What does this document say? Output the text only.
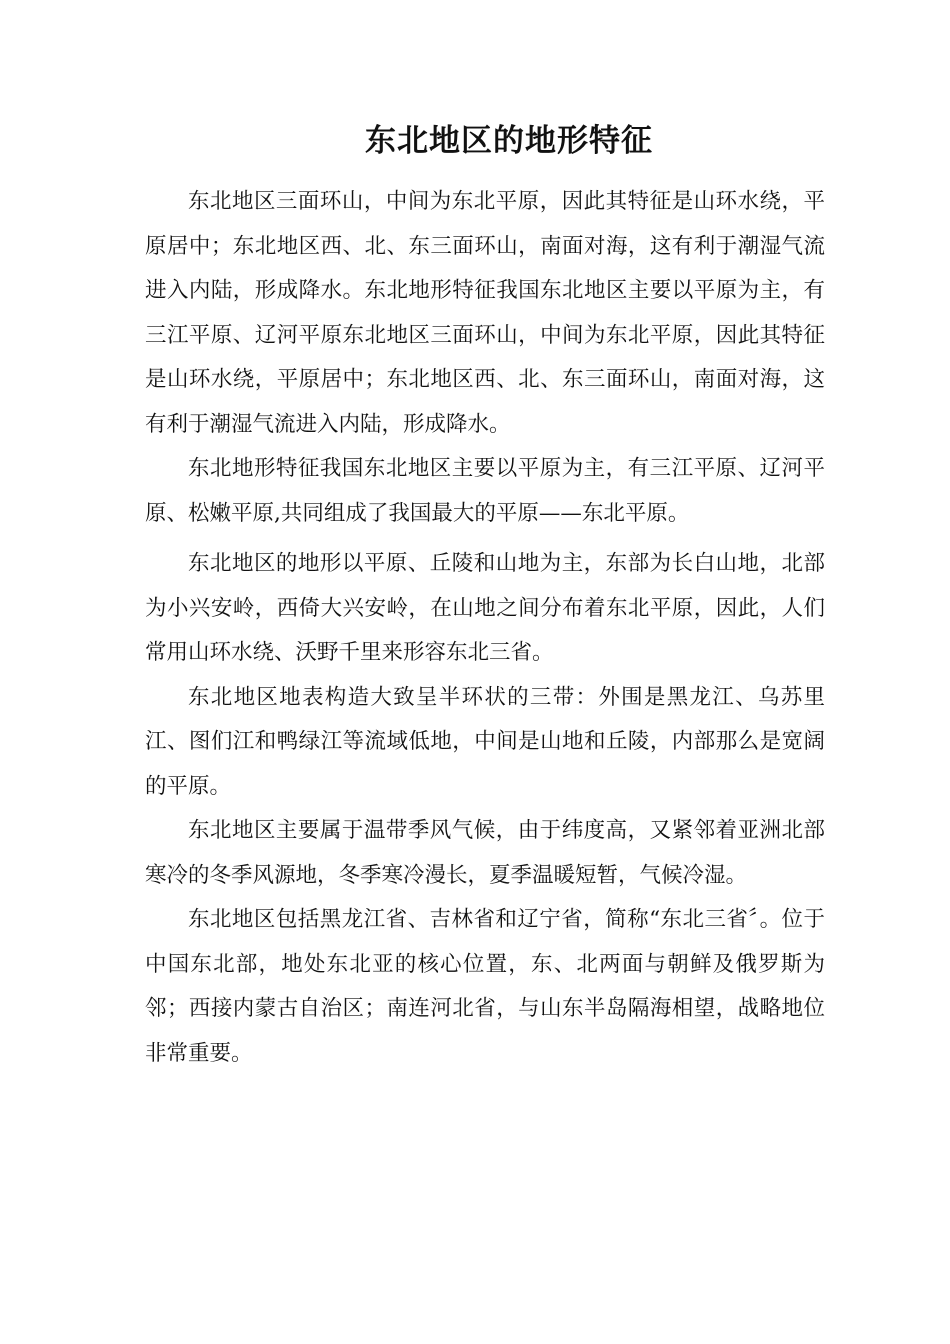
东北地区的地形特征

东北地区三面环山，中间为东北平原，因此其特征是山环水绕，平原居中；东北地区西、北、东三面环山，南面对海，这有利于潮湿气流进入内陆，形成降水。东北地形特征我国东北地区主要以平原为主，有三江平原、辽河平原东北地区三面环山，中间为东北平原，因此其特征是山环水绕，平原居中；东北地区西、北、东三面环山，南面对海，这有利于潮湿气流进入内陆，形成降水。

东北地形特征我国东北地区主要以平原为主，有三江平原、辽河平原、松嫩平原,共同组成了我国最大的平原——东北平原。

东北地区的地形以平原、丘陵和山地为主，东部为长白山地，北部为小兴安岭，西倚大兴安岭，在山地之间分布着东北平原，因此，人们常用山环水绕、沃野千里来形容东北三省。

东北地区地表构造大致呈半环状的三带：外围是黑龙江、乌苏里江、图们江和鸭绿江等流域低地，中间是山地和丘陵，内部那么是宽阔的平原。

东北地区主要属于温带季风气候，由于纬度高，又紧邻着亚洲北部寒冷的冬季风源地，冬季寒冷漫长，夏季温暖短暂，气候冷湿。

东北地区包括黑龙江省、吉林省和辽宁省，简称“东北三省〞。位于中国东北部，地处东北亚的核心位置，东、北两面与朝鲜及俄罗斯为邻；西接内蒙古自治区；南连河北省，与山东半岛隔海相望，战略地位非常重要。
